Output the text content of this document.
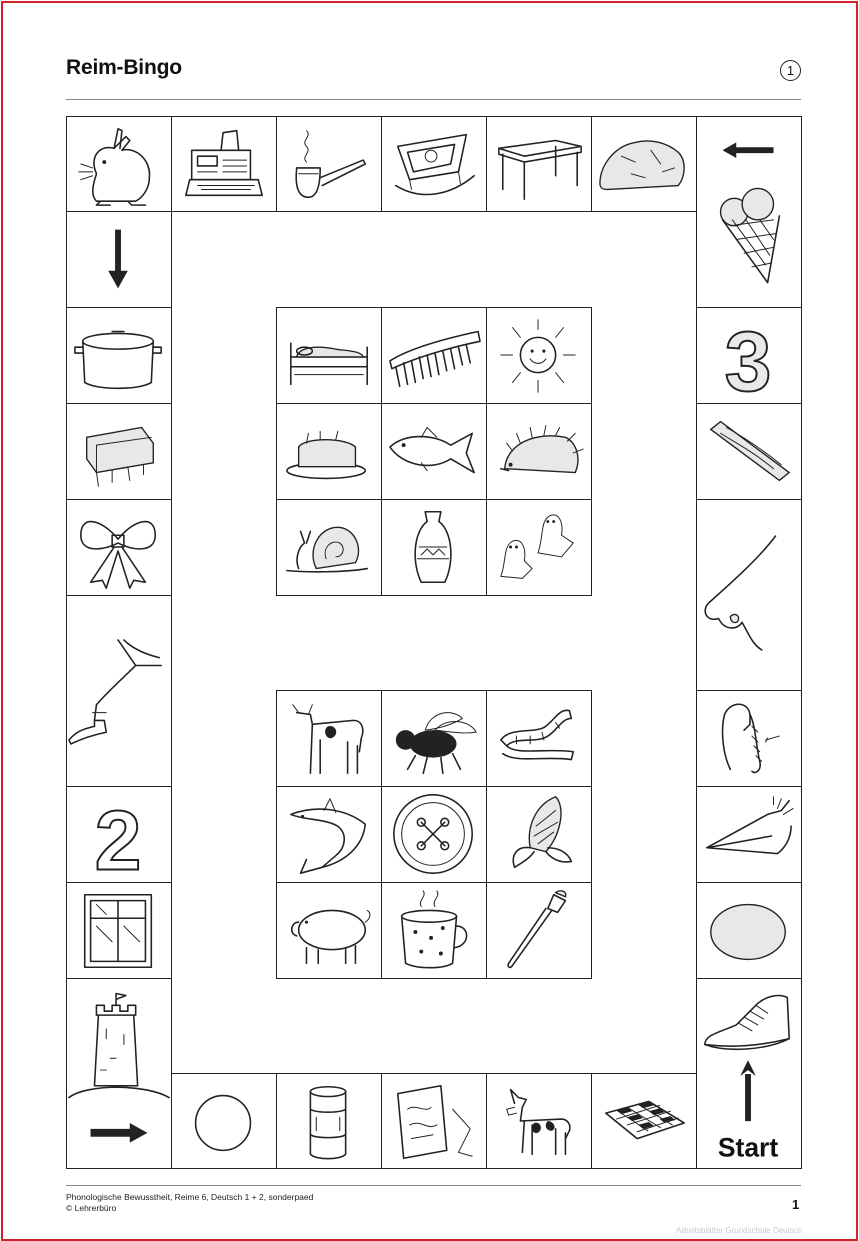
Reim-Bingo	1
2
Start
3
Phonologische Bewusstheit, Reime 6, Deutsch 1 + 2, sonderpaed
© Lehrerbüro	1
Arbeitsblätter Grundschule Deutsch
